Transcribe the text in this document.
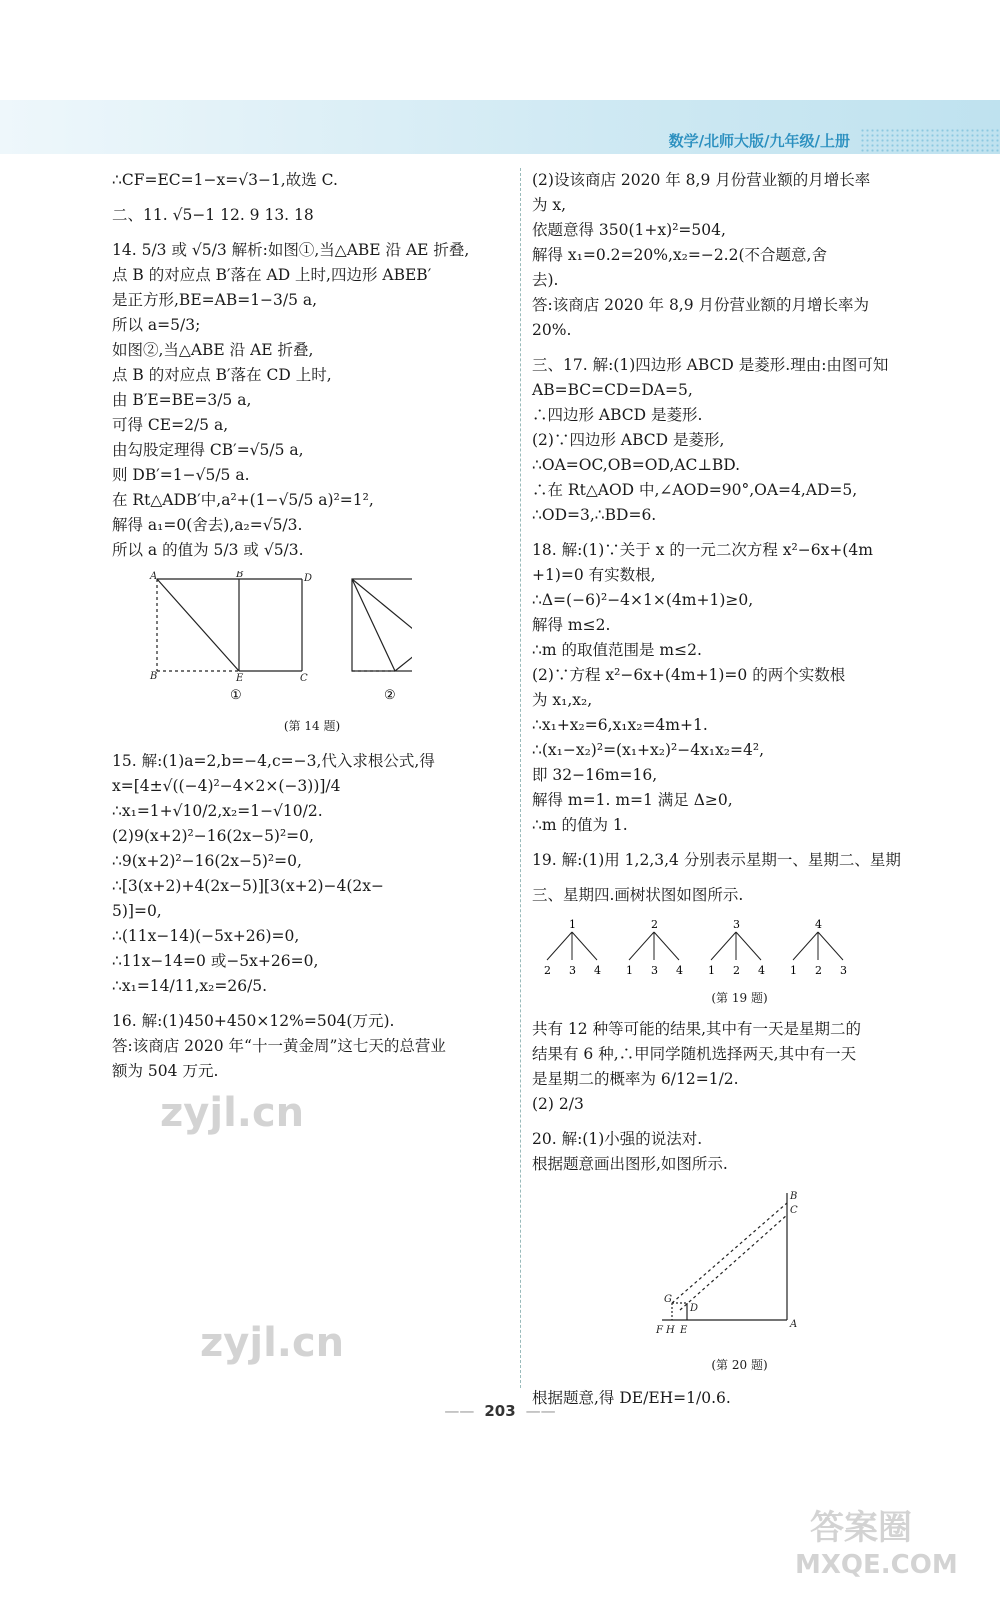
数学/北师大版/九年级/上册
∴CF=EC=1−x=√3−1,故选 C.
二、11. √5−1 12. 9 13. 18
14. 5/3 或 √5/3 解析:如图①,当△ABE 沿 AE 折叠,
点 B 的对应点 B′落在 AD 上时,四边形 ABEB′
是正方形,BE=AB=1−3/5 a,
所以 a=5/3;
如图②,当△ABE 沿 AE 折叠,
点 B 的对应点 B′落在 CD 上时,
由 B′E=BE=3/5 a,
可得 CE=2/5 a,
由勾股定理得 CB′=√5/5 a,
则 DB′=1−√5/5 a.
在 Rt△ADB′中,a²+(1−√5/5 a)²=1²,
解得 a₁=0(舍去),a₂=√5/3.
所以 a 的值为 5/3 或 √5/3.
A	B′	D
B	E	C
①	②
(第 14 题)
15. 解:(1)a=2,b=−4,c=−3,代入求根公式,得
x=[4±√((−4)²−4×2×(−3))]/4
∴x₁=1+√10/2,x₂=1−√10/2.
(2)9(x+2)²−16(2x−5)²=0,
∴9(x+2)²−16(2x−5)²=0,
∴[3(x+2)+4(2x−5)][3(x+2)−4(2x−
5)]=0,
∴(11x−14)(−5x+26)=0,
∴11x−14=0 或−5x+26=0,
∴x₁=14/11,x₂=26/5.
16. 解:(1)450+450×12%=504(万元).
答:该商店 2020 年“十一黄金周”这七天的总营业
额为 504 万元.
(2)设该商店 2020 年 8,9 月份营业额的月增长率
为 x,
依题意得 350(1+x)²=504,
解得 x₁=0.2=20%,x₂=−2.2(不合题意,舍
去).
答:该商店 2020 年 8,9 月份营业额的月增长率为
20%.
三、17. 解:(1)四边形 ABCD 是菱形.理由:由图可知
AB=BC=CD=DA=5,
∴四边形 ABCD 是菱形.
(2)∵四边形 ABCD 是菱形,
∴OA=OC,OB=OD,AC⊥BD.
∴在 Rt△AOD 中,∠AOD=90°,OA=4,AD=5,
∴OD=3,∴BD=6.
18. 解:(1)∵关于 x 的一元二次方程 x²−6x+(4m
+1)=0 有实数根,
∴Δ=(−6)²−4×1×(4m+1)≥0,
解得 m≤2.
∴m 的取值范围是 m≤2.
(2)∵方程 x²−6x+(4m+1)=0 的两个实数根
为 x₁,x₂,
∴x₁+x₂=6,x₁x₂=4m+1.
∴(x₁−x₂)²=(x₁+x₂)²−4x₁x₂=4²,
即 32−16m=16,
解得 m=1. m=1 满足 Δ≥0,
∴m 的值为 1.
19. 解:(1)用 1,2,3,4 分别表示星期一、星期二、星期
三、星期四.画树状图如图所示.
1
2 3 4
2
1 3 4
3
1 2 4
4
1 2 3
(第 19 题)
共有 12 种等可能的结果,其中有一天是星期二的
结果有 6 种,∴甲同学随机选择两天,其中有一天
是星期二的概率为 6/12=1/2.
(2) 2/3
20. 解:(1)小强的说法对.
根据题意画出图形,如图所示.
B
C
A
G
D
F H E
(第 20 题)
根据题意,得 DE/EH=1/0.6.
—— 203 ——
zyjl.cn
zyjl.cn
答案圈
MXQE.COM
